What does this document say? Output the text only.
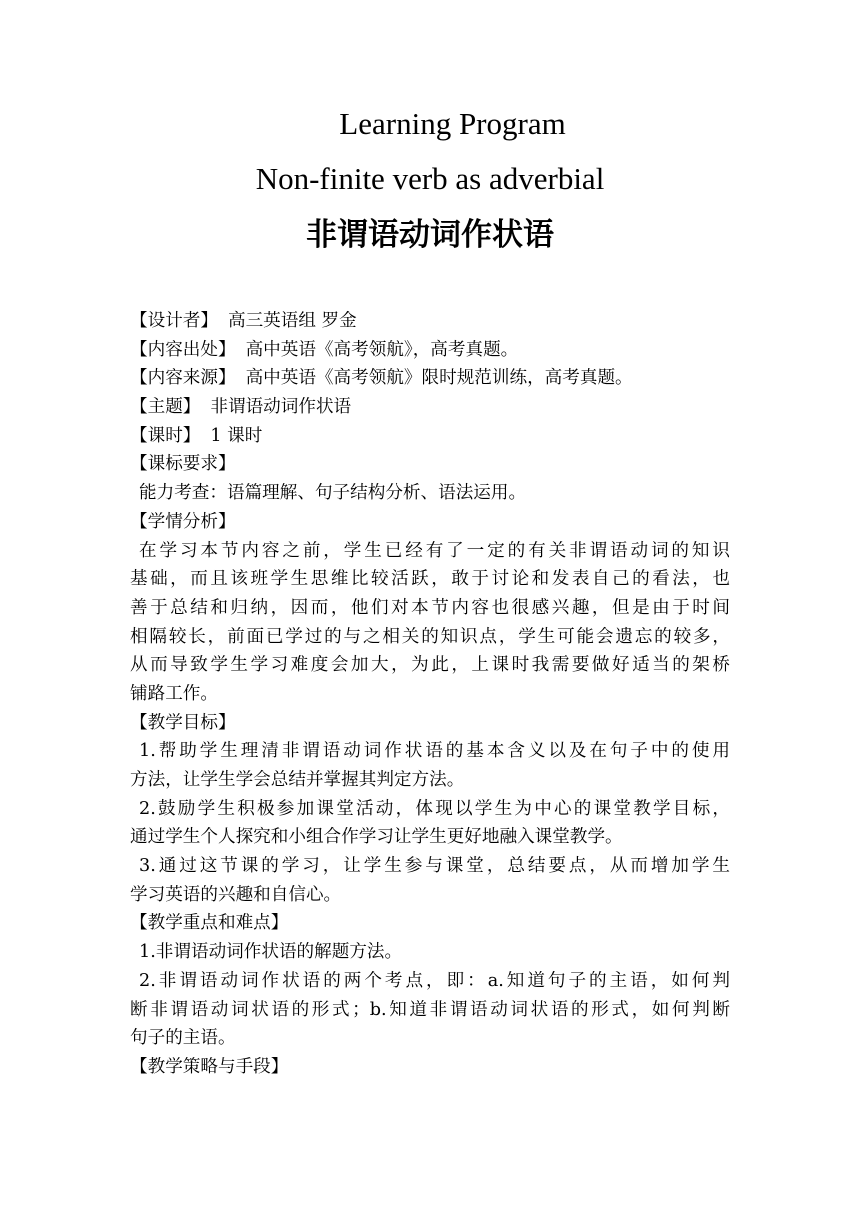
Learning Program
Non-finite verb as adverbial
非谓语动词作状语
【设计者】 高三英语组 罗金
【内容出处】 高中英语《高考领航》，高考真题。
【内容来源】 高中英语《高考领航》限时规范训练，高考真题。
【主题】 非谓语动词作状语
【课时】 1 课时
【课标要求】
能力考查：语篇理解、句子结构分析、语法运用。
【学情分析】
在学习本节内容之前，学生已经有了一定的有关非谓语动词的知识
基础，而且该班学生思维比较活跃，敢于讨论和发表自己的看法，也
善于总结和归纳，因而，他们对本节内容也很感兴趣，但是由于时间
相隔较长，前面已学过的与之相关的知识点，学生可能会遗忘的较多，
从而导致学生学习难度会加大，为此，上课时我需要做好适当的架桥
铺路工作。
【教学目标】
1.帮助学生理清非谓语动词作状语的基本含义以及在句子中的使用
方法，让学生学会总结并掌握其判定方法。
2.鼓励学生积极参加课堂活动，体现以学生为中心的课堂教学目标，
通过学生个人探究和小组合作学习让学生更好地融入课堂教学。
3.通过这节课的学习，让学生参与课堂，总结要点，从而增加学生
学习英语的兴趣和自信心。
【教学重点和难点】
1.非谓语动词作状语的解题方法。
2.非谓语动词作状语的两个考点，即：a.知道句子的主语，如何判
断非谓语动词状语的形式；b.知道非谓语动词状语的形式，如何判断
句子的主语。
【教学策略与手段】
